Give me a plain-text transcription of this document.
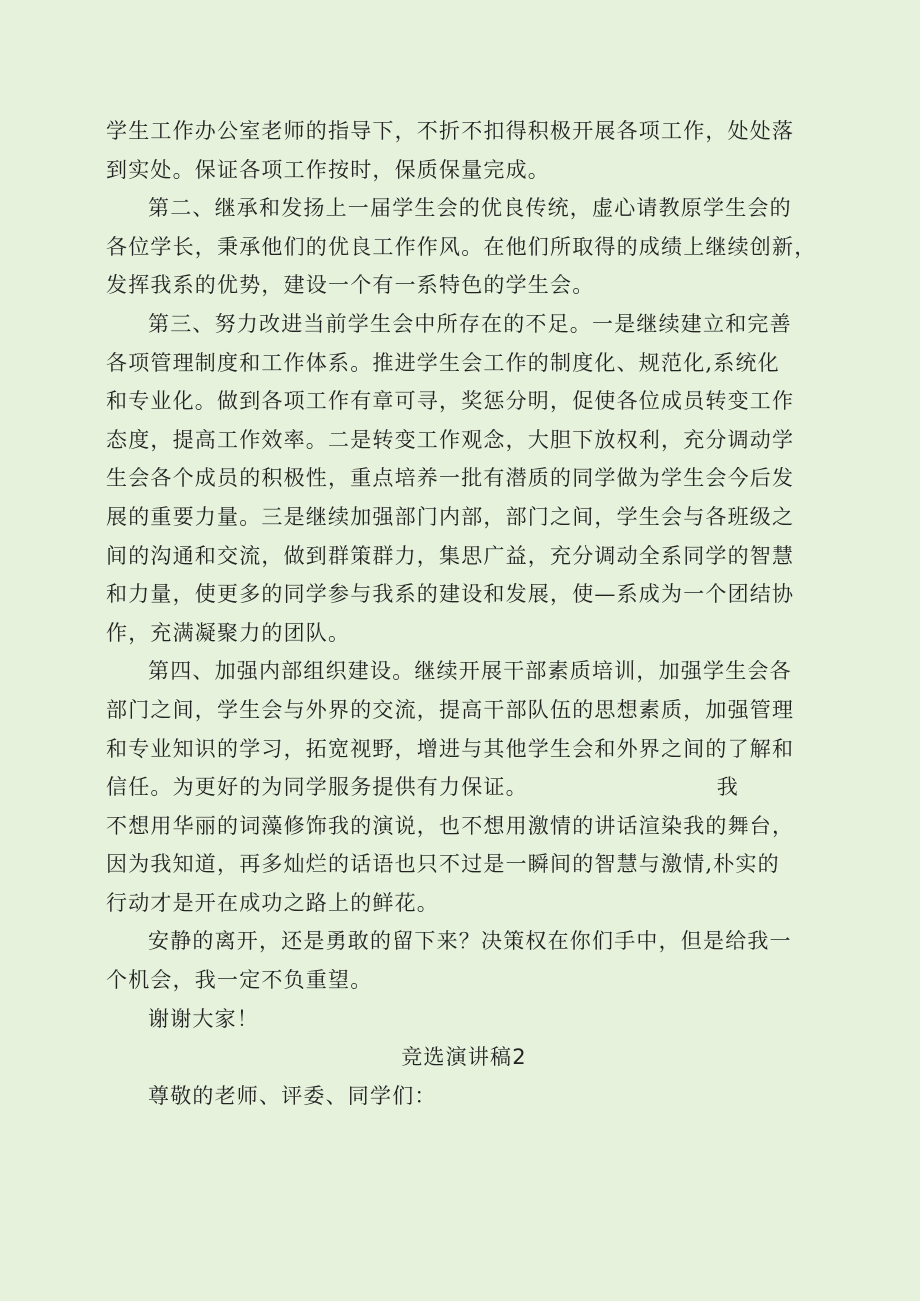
学生工作办公室老师的指导下，不折不扣得积极开展各项工作，处处落
到实处。保证各项工作按时，保质保量完成。

第二、继承和发扬上一届学生会的优良传统，虚心请教原学生会的
各位学长，秉承他们的优良工作作风。在他们所取得的成绩上继续创新，
发挥我系的优势，建设一个有一系特色的学生会。

第三、努力改进当前学生会中所存在的不足。一是继续建立和完善
各项管理制度和工作体系。推进学生会工作的制度化、规范化,系统化
和专业化。做到各项工作有章可寻，奖惩分明，促使各位成员转变工作
态度，提高工作效率。二是转变工作观念，大胆下放权利，充分调动学
生会各个成员的积极性，重点培养一批有潜质的同学做为学生会今后发
展的重要力量。三是继续加强部门内部，部门之间，学生会与各班级之
间的沟通和交流，做到群策群力，集思广益，充分调动全系同学的智慧
和力量，使更多的同学参与我系的建设和发展，使—系成为一个团结协
作，充满凝聚力的团队。

第四、加强内部组织建设。继续开展干部素质培训，加强学生会各
部门之间，学生会与外界的交流，提高干部队伍的思想素质，加强管理
和专业知识的学习，拓宽视野，增进与其他学生会和外界之间的了解和
信任。为更好的为同学服务提供有力保证。                        我
不想用华丽的词藻修饰我的演说，也不想用激情的讲话渲染我的舞台，
因为我知道，再多灿烂的话语也只不过是一瞬间的智慧与激情,朴实的
行动才是开在成功之路上的鲜花。

安静的离开，还是勇敢的留下来？决策权在你们手中，但是给我一
个机会，我一定不负重望。

谢谢大家！

竞选演讲稿2

尊敬的老师、评委、同学们：
